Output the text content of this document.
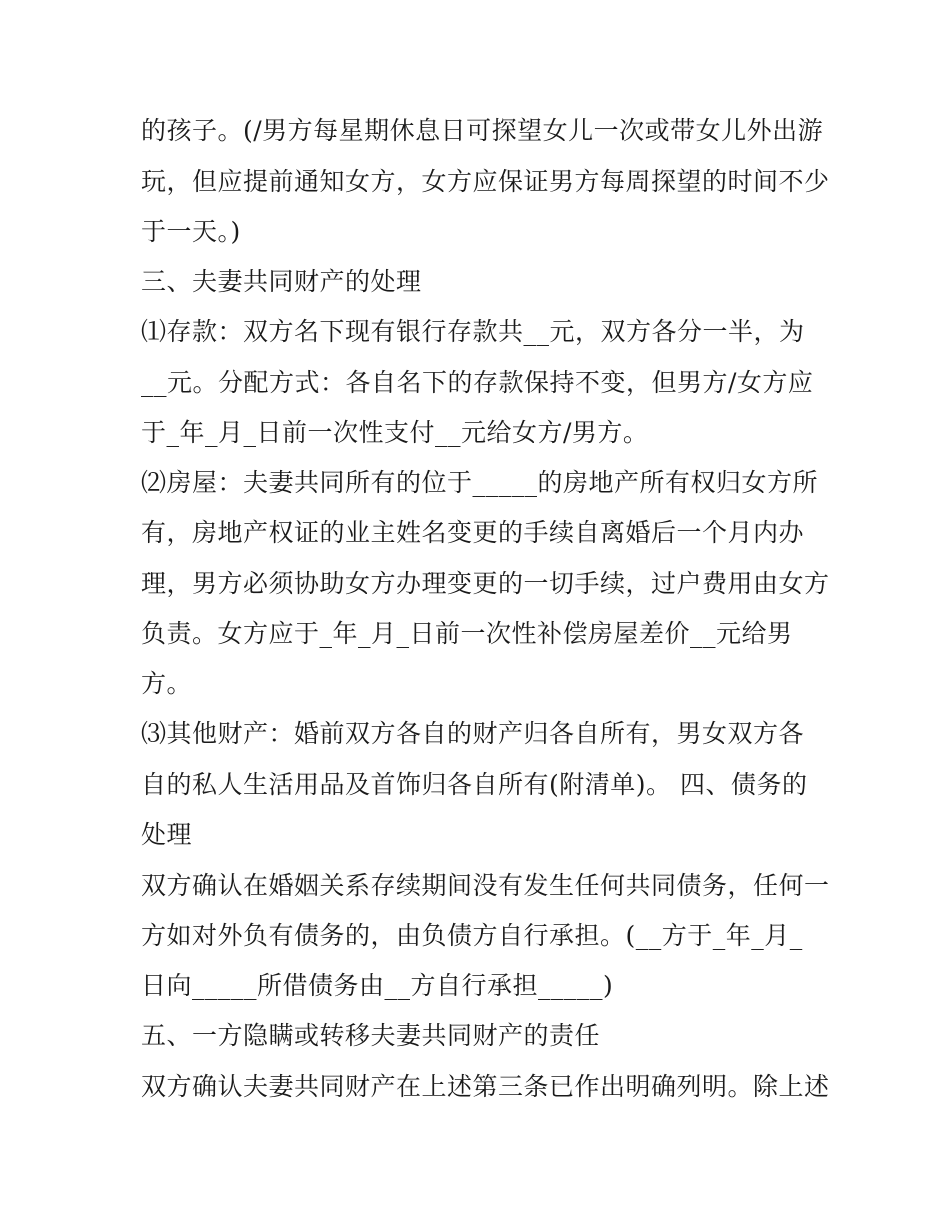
的孩子。(/男方每星期休息日可探望女儿一次或带女儿外出游
玩，但应提前通知女方，女方应保证男方每周探望的时间不少
于一天。)
三、夫妻共同财产的处理
⑴存款：双方名下现有银行存款共__元，双方各分一半，为
__元。分配方式：各自名下的存款保持不变，但男方/女方应
于_年_月_日前一次性支付__元给女方/男方。
⑵房屋：夫妻共同所有的位于_____的房地产所有权归女方所
有，房地产权证的业主姓名变更的手续自离婚后一个月内办
理，男方必须协助女方办理变更的一切手续，过户费用由女方
负责。女方应于_年_月_日前一次性补偿房屋差价__元给男
方。
⑶其他财产：婚前双方各自的财产归各自所有，男女双方各
自的私人生活用品及首饰归各自所有(附清单)。 四、债务的
处理
双方确认在婚姻关系存续期间没有发生任何共同债务，任何一
方如对外负有债务的，由负债方自行承担。(__方于_年_月_
日向_____所借债务由__方自行承担_____)
五、一方隐瞒或转移夫妻共同财产的责任
双方确认夫妻共同财产在上述第三条已作出明确列明。除上述
